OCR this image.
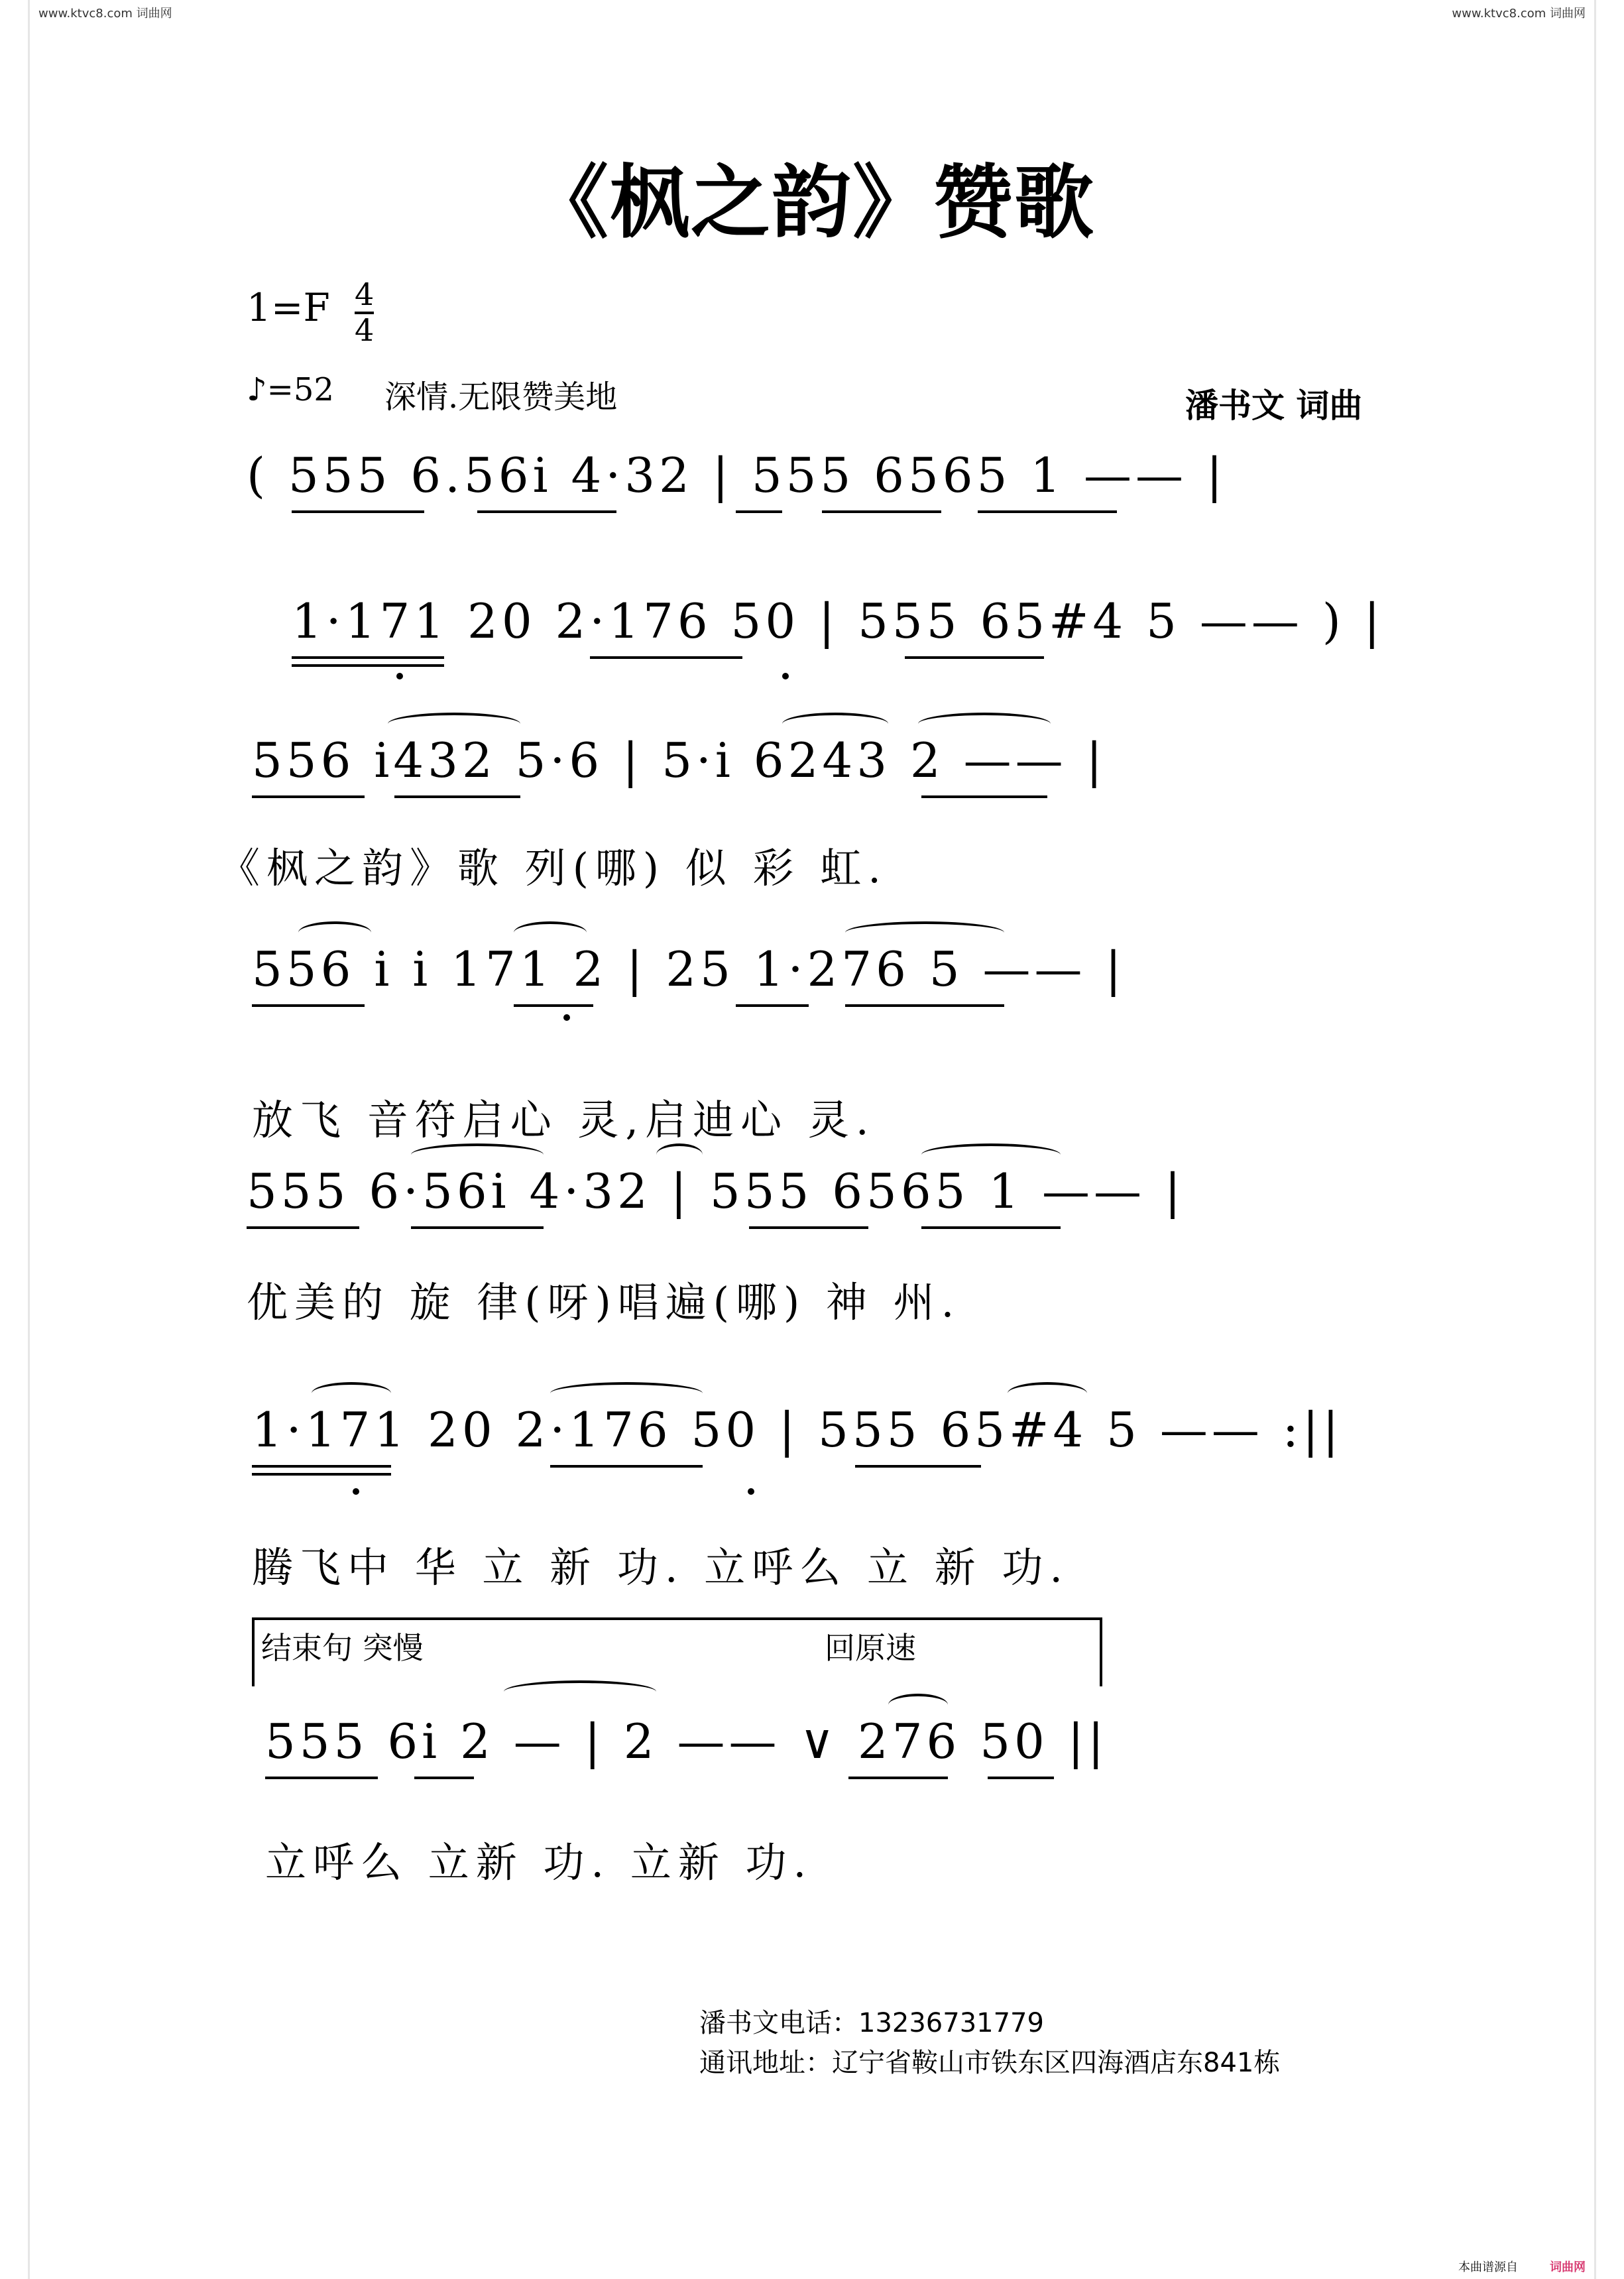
www.ktvc8.com 词曲网	www.ktvc8.com 词曲网
《枫之韵》赞歌
1=F 4
4
♪=52 深情.无限赞美地	潘书文 词曲
( 555 6.56i 4·32 | 555 6565 1 —— |
1·171 20 2·176 50 | 555 65#4 5 —— ) |
556 i432 5·6 | 5·i 6243 2 —— |
《枫之韵》歌 列(哪) 似 彩 虹.
556 i i 171 2 | 25 1·276 5 —— |
放飞 音符启心 灵,启迪心 灵.
555 6·56i 4·32 | 555 6565 1 —— |
优美的 旋 律(呀)唱遍(哪) 神 州.
1·171 20 2·176 50 | 555 65#4 5 —— :||
腾飞中 华 立 新 功. 立呼么 立 新 功.
结束句 突慢	回原速
555 6i 2 — | 2 —— ∨ 276 50 ||
立呼么 立新 功. 立新 功.
潘书文电话：13236731779
通讯地址：辽宁省鞍山市铁东区四海酒店东841栋
本曲谱源自	词曲网
